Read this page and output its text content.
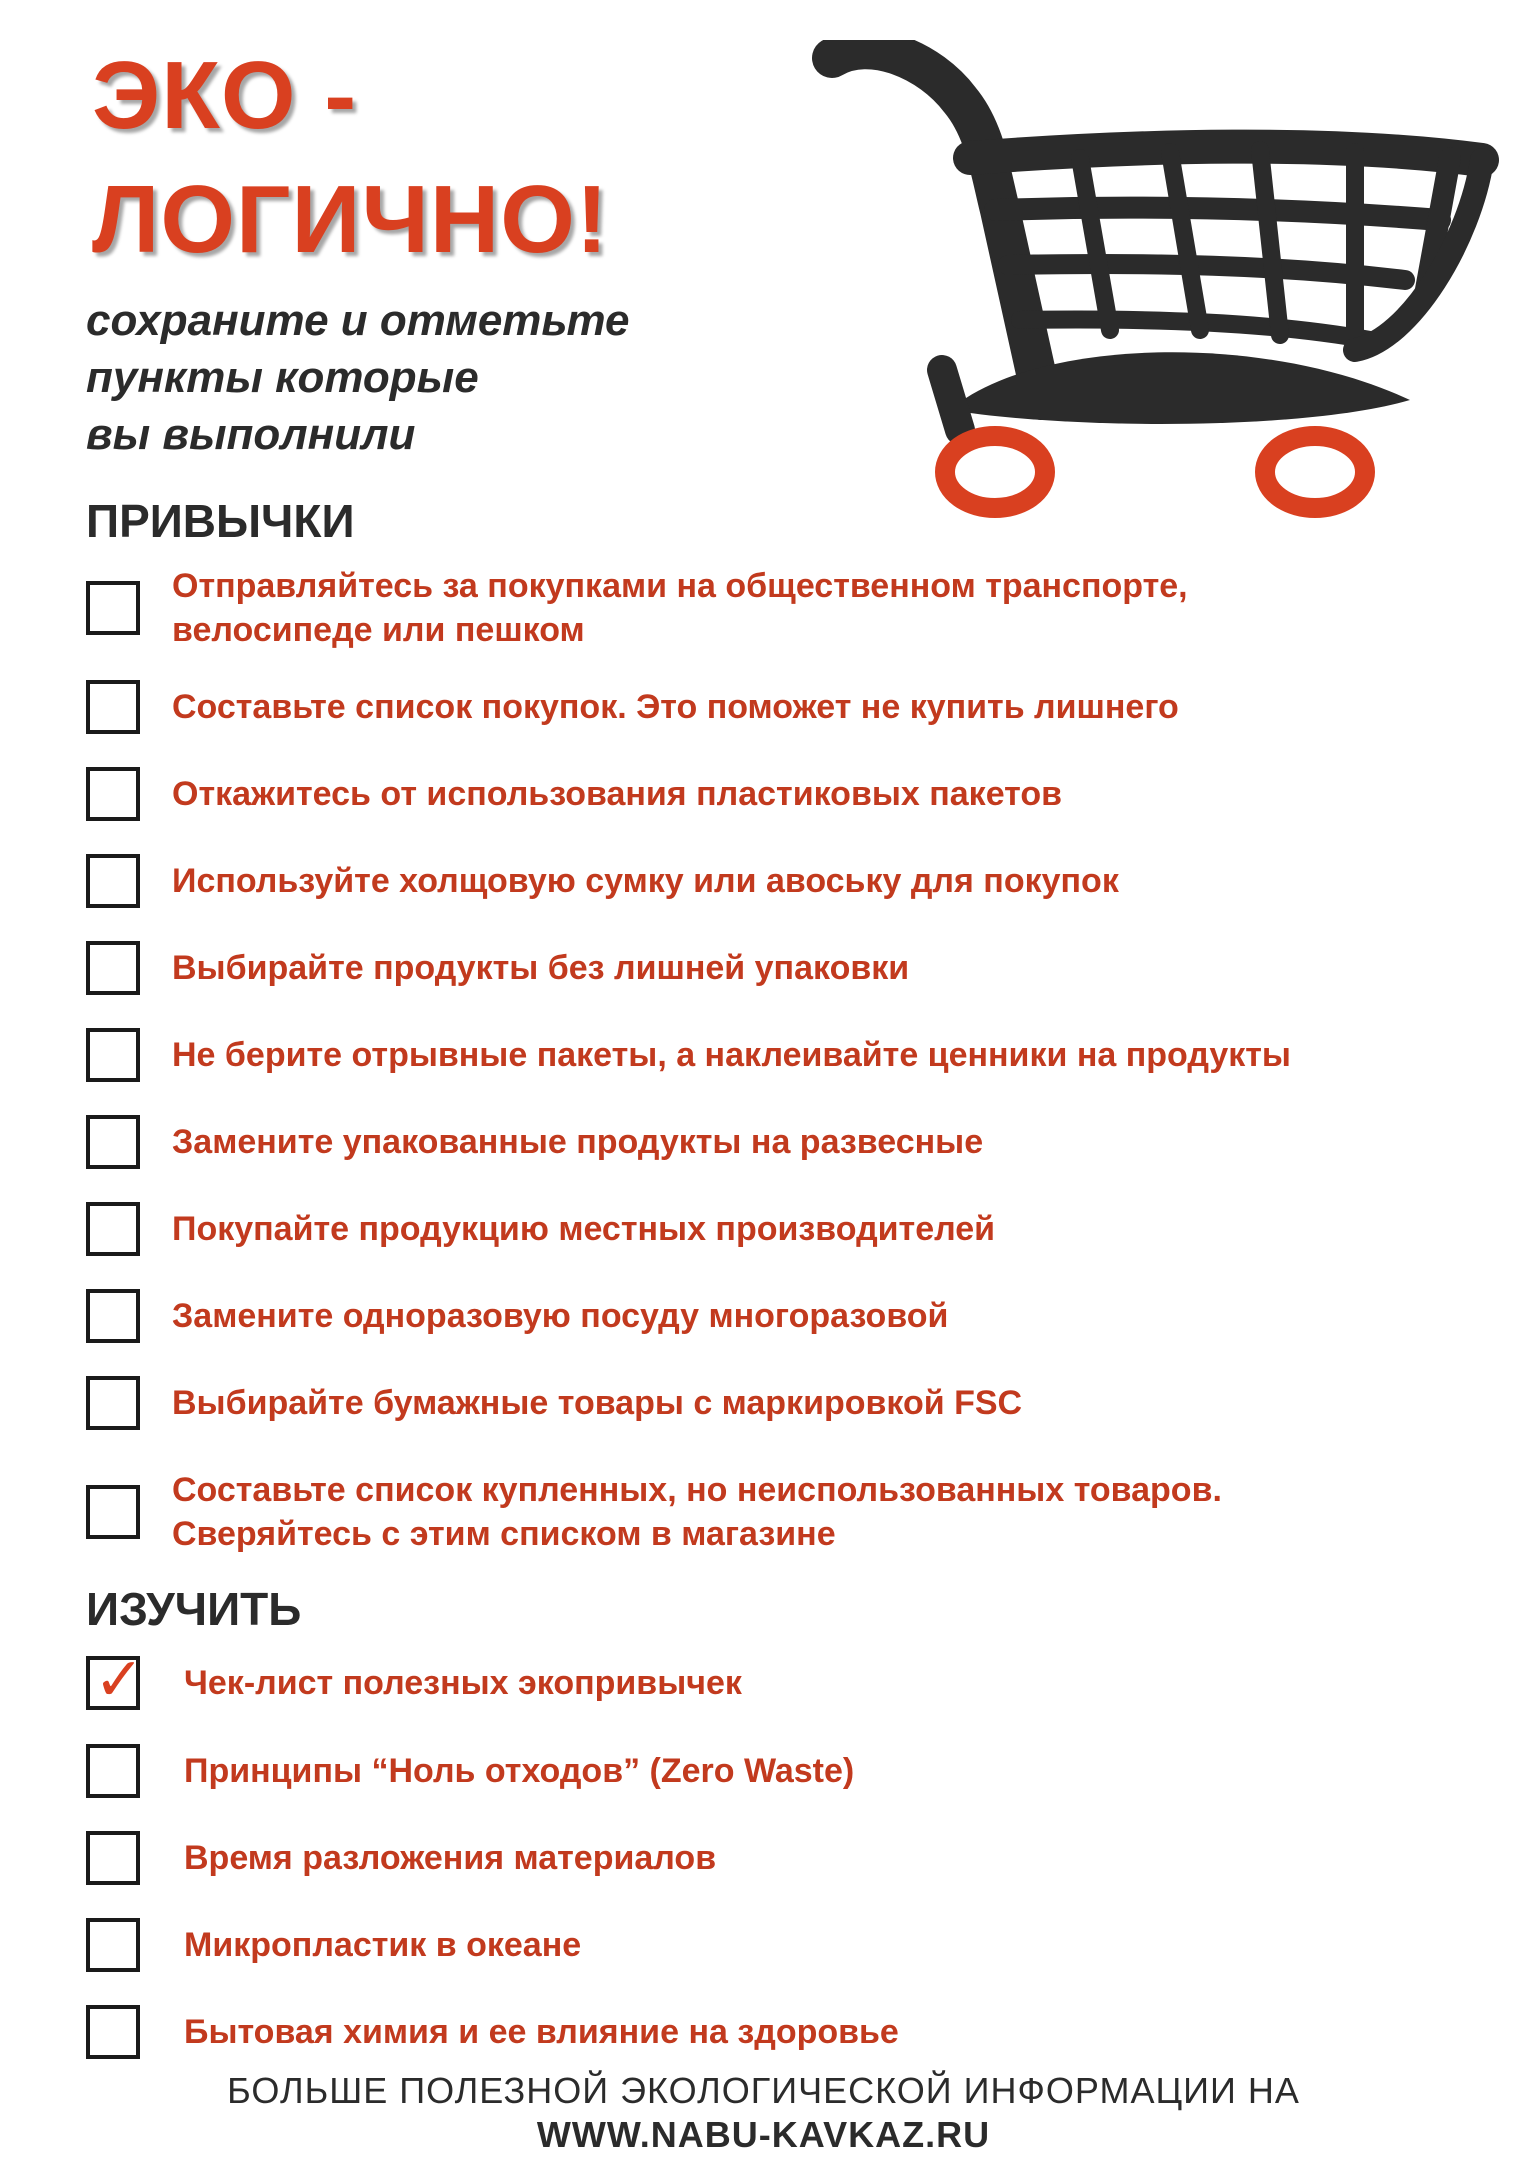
ЭКО -
ЛОГИЧНО!
сохраните и отметьте
пункты которые
вы выполнили
ПРИВЫЧКИ
Отправляйтесь за покупками на общественном транспорте,
велосипеде или пешком
Составьте список покупок. Это поможет не купить лишнего
Откажитесь от использования пластиковых пакетов
Используйте холщовую сумку или авоську для покупок
Выбирайте продукты без лишней упаковки
Не берите отрывные пакеты, а наклеивайте ценники на продукты
Замените упакованные продукты на развесные
Покупайте продукцию местных производителей
Замените одноразовую посуду многоразовой
Выбирайте бумажные товары с маркировкой FSC
Составьте список купленных, но неиспользованных товаров.
Сверяйтесь с этим списком в магазине
ИЗУЧИТЬ
✓ Чек-лист полезных экопривычек
Принципы “Ноль отходов” (Zero Waste)
Время разложения материалов
Микропластик в океане
Бытовая химия и ее влияние на здоровье
БОЛЬШЕ ПОЛЕЗНОЙ ЭКОЛОГИЧЕСКОЙ ИНФОРМАЦИИ НА
WWW.NABU-KAVKAZ.RU
